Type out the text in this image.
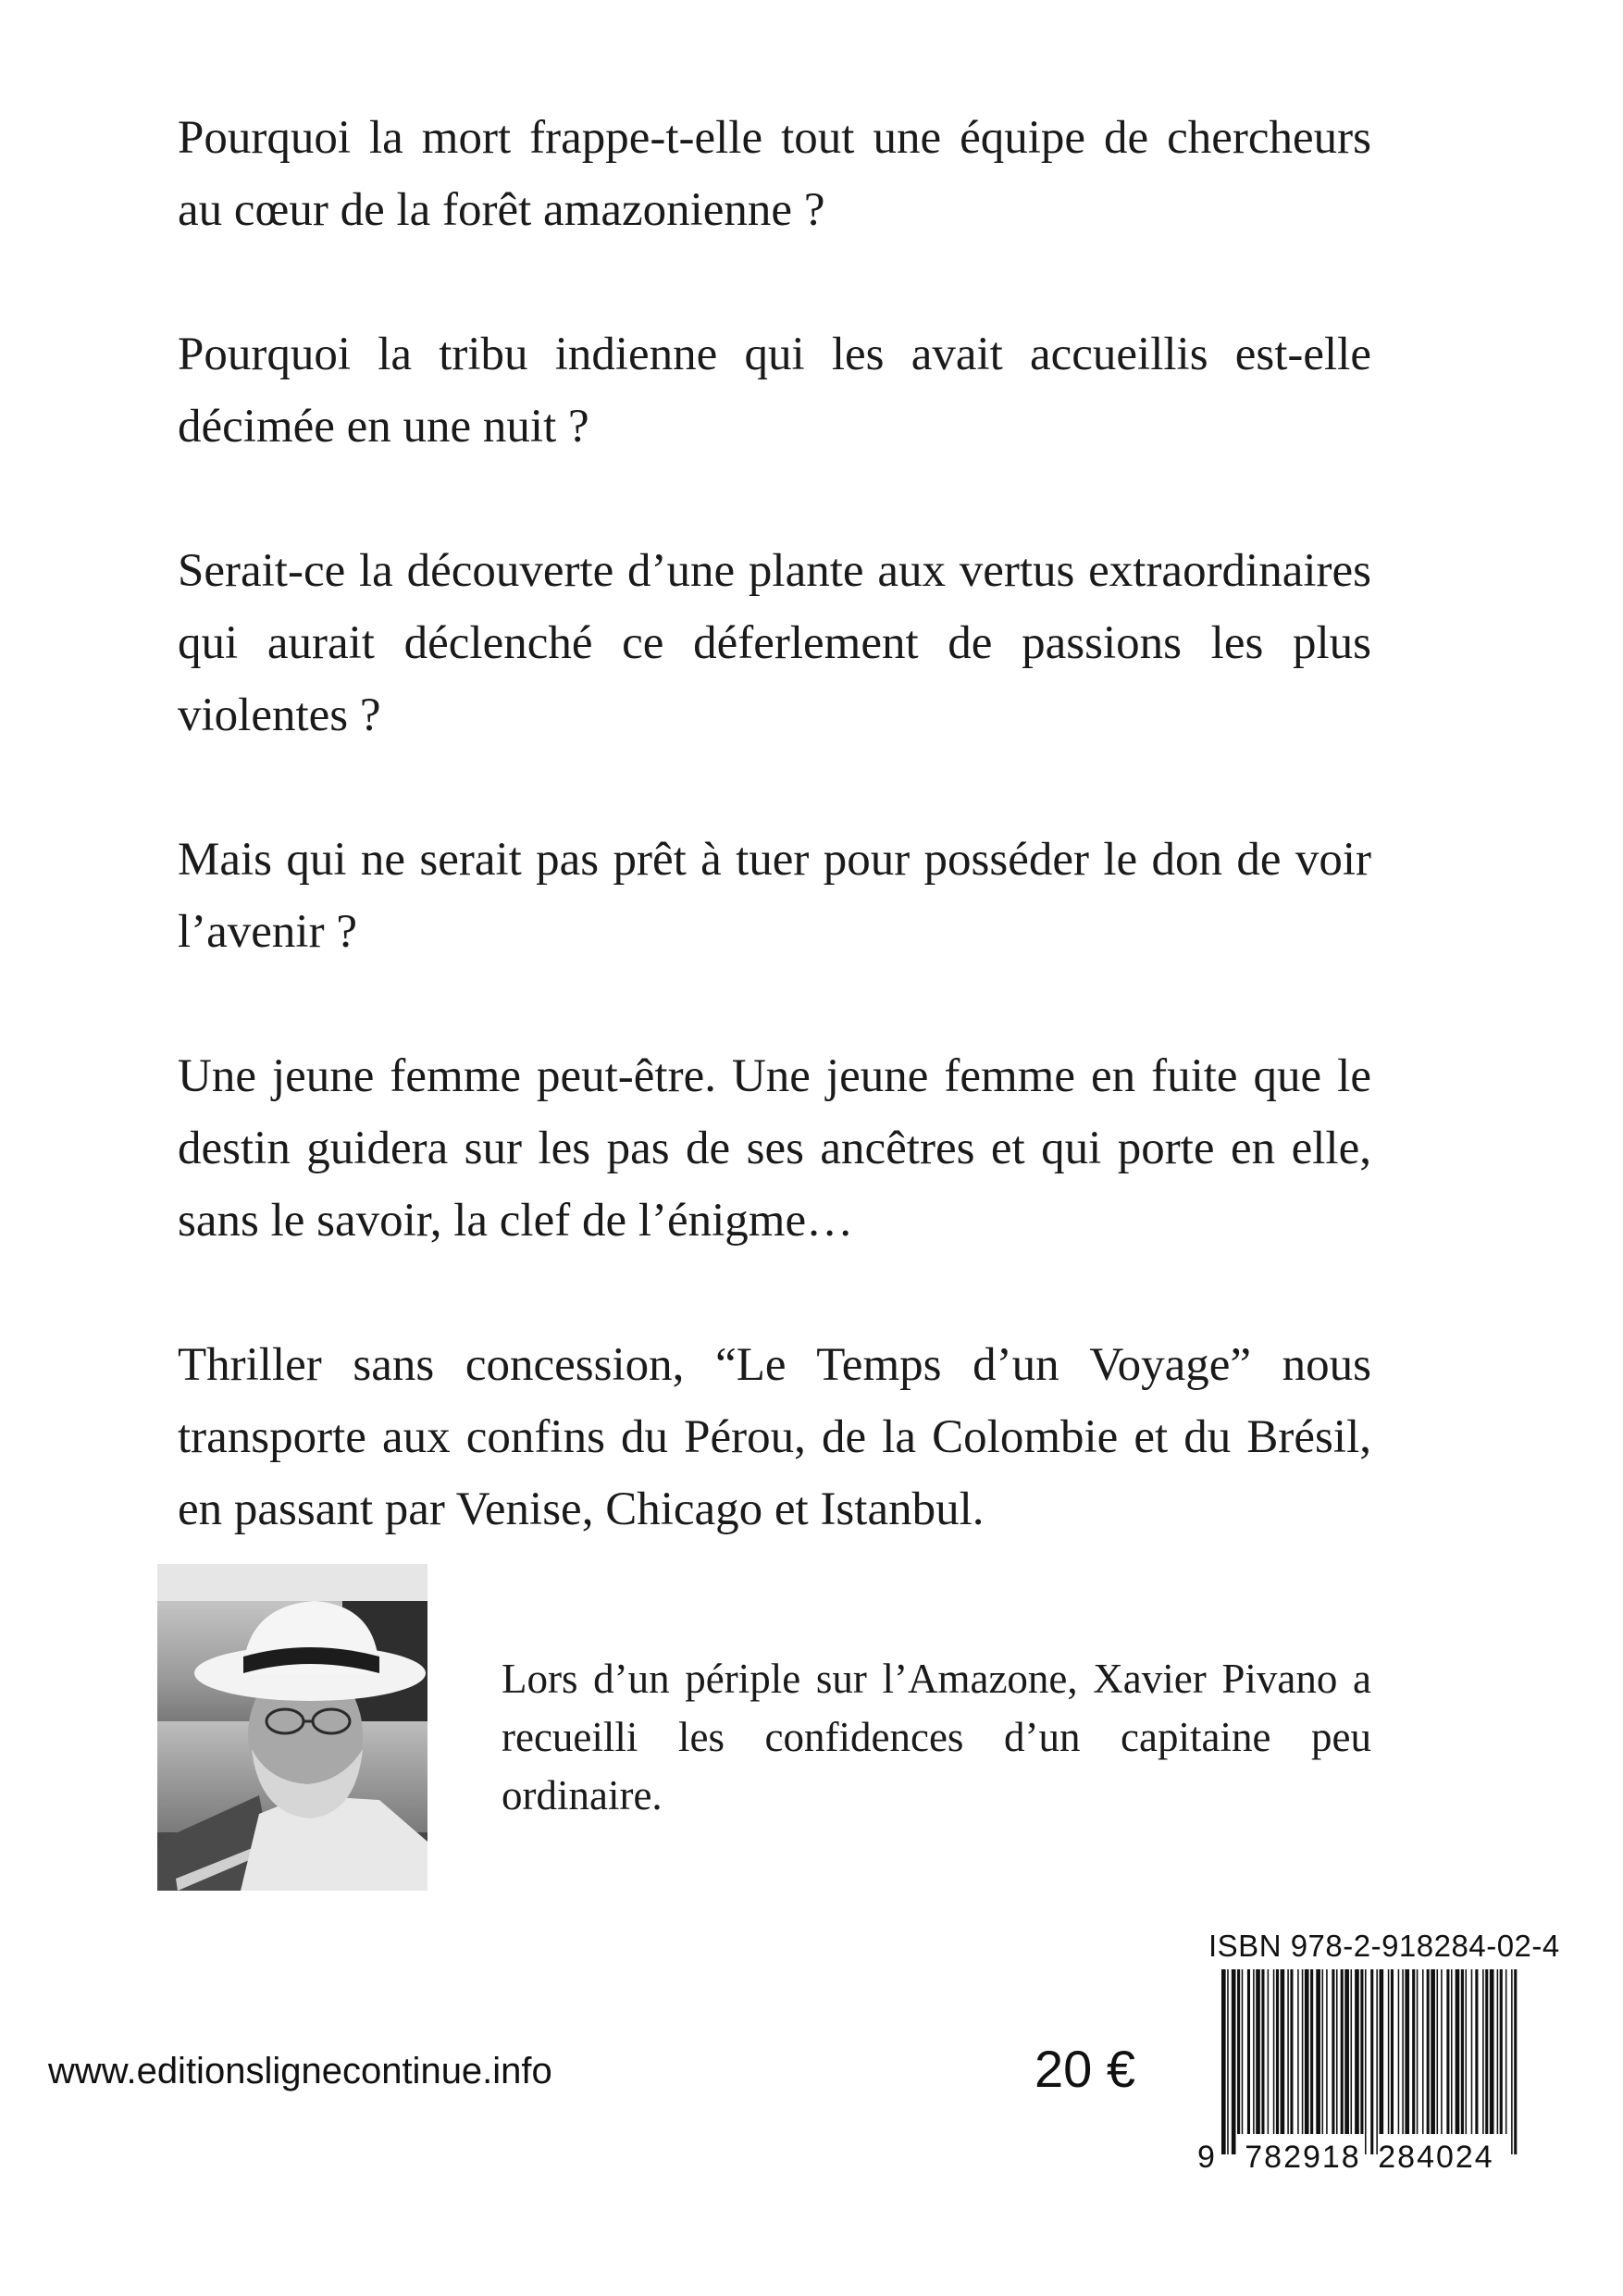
Pourquoi la mort frappe-t-elle tout une équipe de chercheurs au cœur de la forêt amazonienne ?

Pourquoi la tribu indienne qui les avait accueillis est-elle décimée en une nuit ?

Serait-ce la découverte d’une plante aux vertus extraordinaires qui aurait déclenché ce déferlement de passions les plus violentes ?

Mais qui ne serait pas prêt à tuer pour posséder le don de voir l’avenir ?

Une jeune femme peut-être. Une jeune femme en fuite que le destin guidera sur les pas de ses ancêtres et qui porte en elle, sans le savoir, la clef de l’énigme…

Thriller sans concession, “Le Temps d’un Voyage” nous transporte aux confins du Pérou, de la Colombie et du Brésil, en passant par Venise, Chicago et Istanbul.

Lors d’un périple sur l’Amazone, Xavier Pivano a recueilli les confidences d’un capitaine peu ordinaire.

ISBN 978-2-918284-02-4
9 782918 284024
www.editionslignecontinue.info	20 €
